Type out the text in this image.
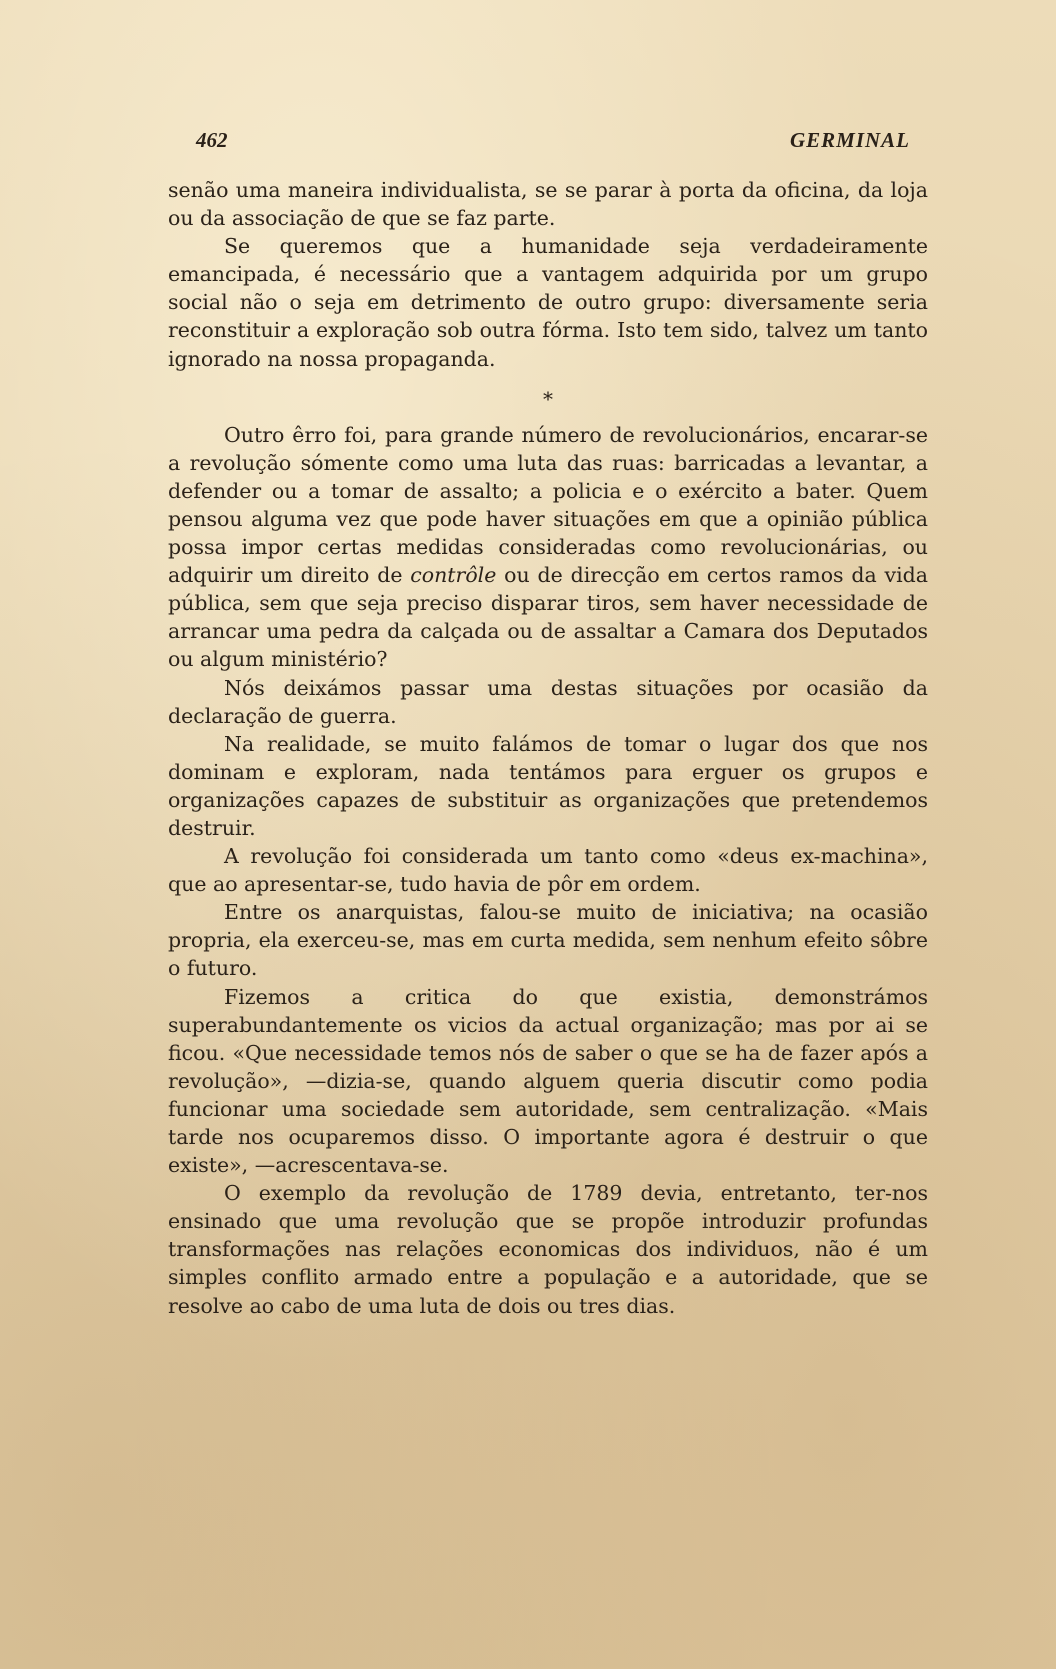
462	GERMINAL

senão uma maneira individualista, se se parar à porta da oficina, da loja ou da associação de que se faz parte.

Se queremos que a humanidade seja verdadeiramente emancipada, é necessário que a vantagem adquirida por um grupo social não o seja em detrimento de outro grupo: diversamente seria reconstituir a exploração sob outra fórma. Isto tem sido, talvez um tanto ignorado na nossa propaganda.

*

Outro êrro foi, para grande número de revolucionários, encarar-se a revolução sómente como uma luta das ruas: barricadas a levantar, a defender ou a tomar de assalto; a policia e o exército a bater. Quem pensou alguma vez que pode haver situações em que a opinião pública possa impor certas medidas consideradas como revolucionárias, ou adquirir um direito de contrôle ou de direcção em certos ramos da vida pública, sem que seja preciso disparar tiros, sem haver necessidade de arrancar uma pedra da calçada ou de assaltar a Camara dos Deputados ou algum ministério?

Nós deixámos passar uma destas situações por ocasião da declaração de guerra.

Na realidade, se muito falámos de tomar o lugar dos que nos dominam e exploram, nada tentámos para erguer os grupos e organizações capazes de substituir as organizações que pretendemos destruir.

A revolução foi considerada um tanto como «deus ex-machina», que ao apresentar-se, tudo havia de pôr em ordem.

Entre os anarquistas, falou-se muito de iniciativa; na ocasião propria, ela exerceu-se, mas em curta medida, sem nenhum efeito sôbre o futuro.

Fizemos a critica do que existia, demonstrámos superabundantemente os vicios da actual organização; mas por ai se ficou. «Que necessidade temos nós de saber o que se ha de fazer após a revolução», —dizia-se, quando alguem queria discutir como podia funcionar uma sociedade sem autoridade, sem centralização. «Mais tarde nos ocuparemos disso. O importante agora é destruir o que existe», —acrescentava-se.

O exemplo da revolução de 1789 devia, entretanto, ter-nos ensinado que uma revolução que se propõe introduzir profundas transformações nas relações economicas dos individuos, não é um simples conflito armado entre a população e a autoridade, que se resolve ao cabo de uma luta de dois ou tres dias.
